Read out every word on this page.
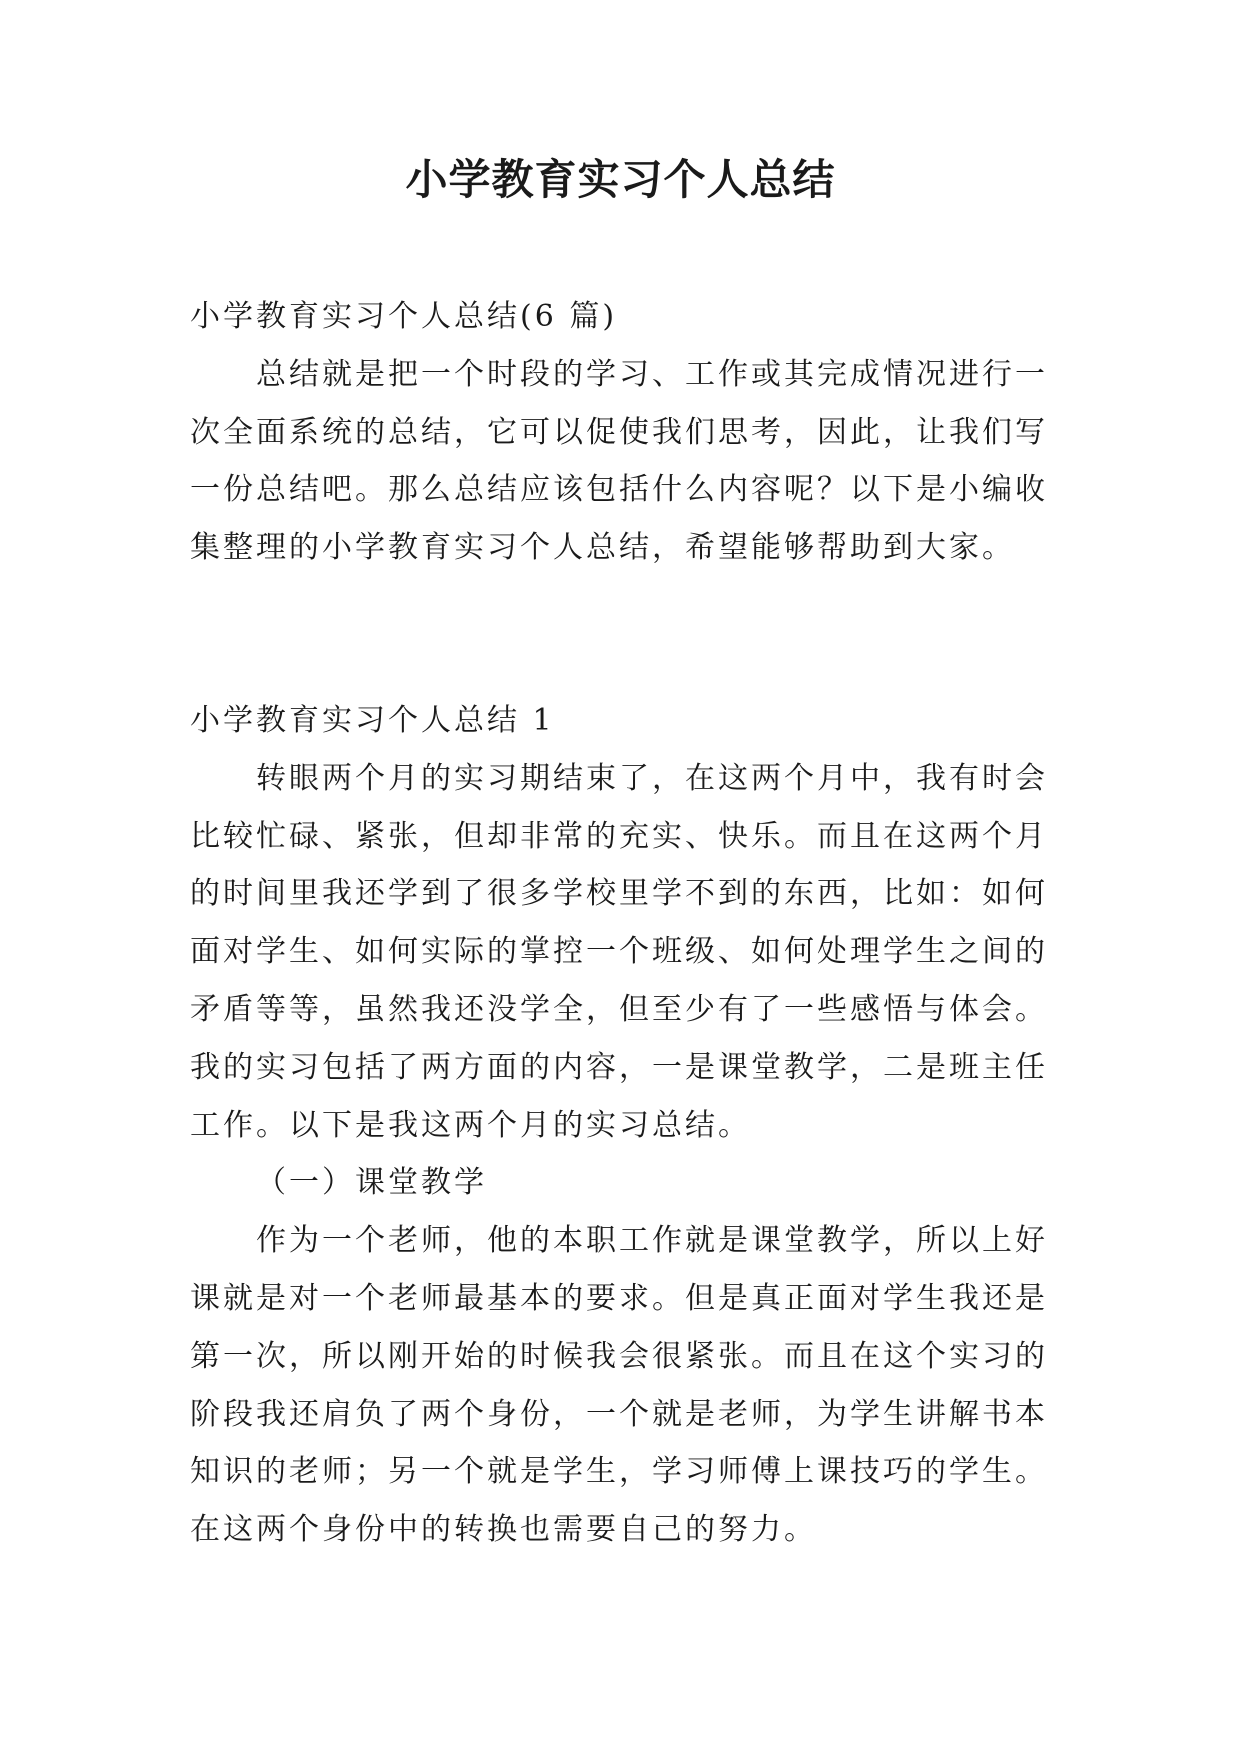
小学教育实习个人总结

小学教育实习个人总结(6 篇)

总结就是把一个时段的学习、工作或其完成情况进行一次全面系统的总结，它可以促使我们思考，因此，让我们写一份总结吧。那么总结应该包括什么内容呢？以下是小编收集整理的小学教育实习个人总结，希望能够帮助到大家。

小学教育实习个人总结 1

转眼两个月的实习期结束了，在这两个月中，我有时会比较忙碌、紧张，但却非常的充实、快乐。而且在这两个月的时间里我还学到了很多学校里学不到的东西，比如：如何面对学生、如何实际的掌控一个班级、如何处理学生之间的矛盾等等，虽然我还没学全，但至少有了一些感悟与体会。我的实习包括了两方面的内容，一是课堂教学，二是班主任工作。以下是我这两个月的实习总结。

（一）课堂教学

作为一个老师，他的本职工作就是课堂教学，所以上好课就是对一个老师最基本的要求。但是真正面对学生我还是第一次，所以刚开始的时候我会很紧张。而且在这个实习的阶段我还肩负了两个身份，一个就是老师，为学生讲解书本知识的老师；另一个就是学生，学习师傅上课技巧的学生。在这两个身份中的转换也需要自己的努力。
